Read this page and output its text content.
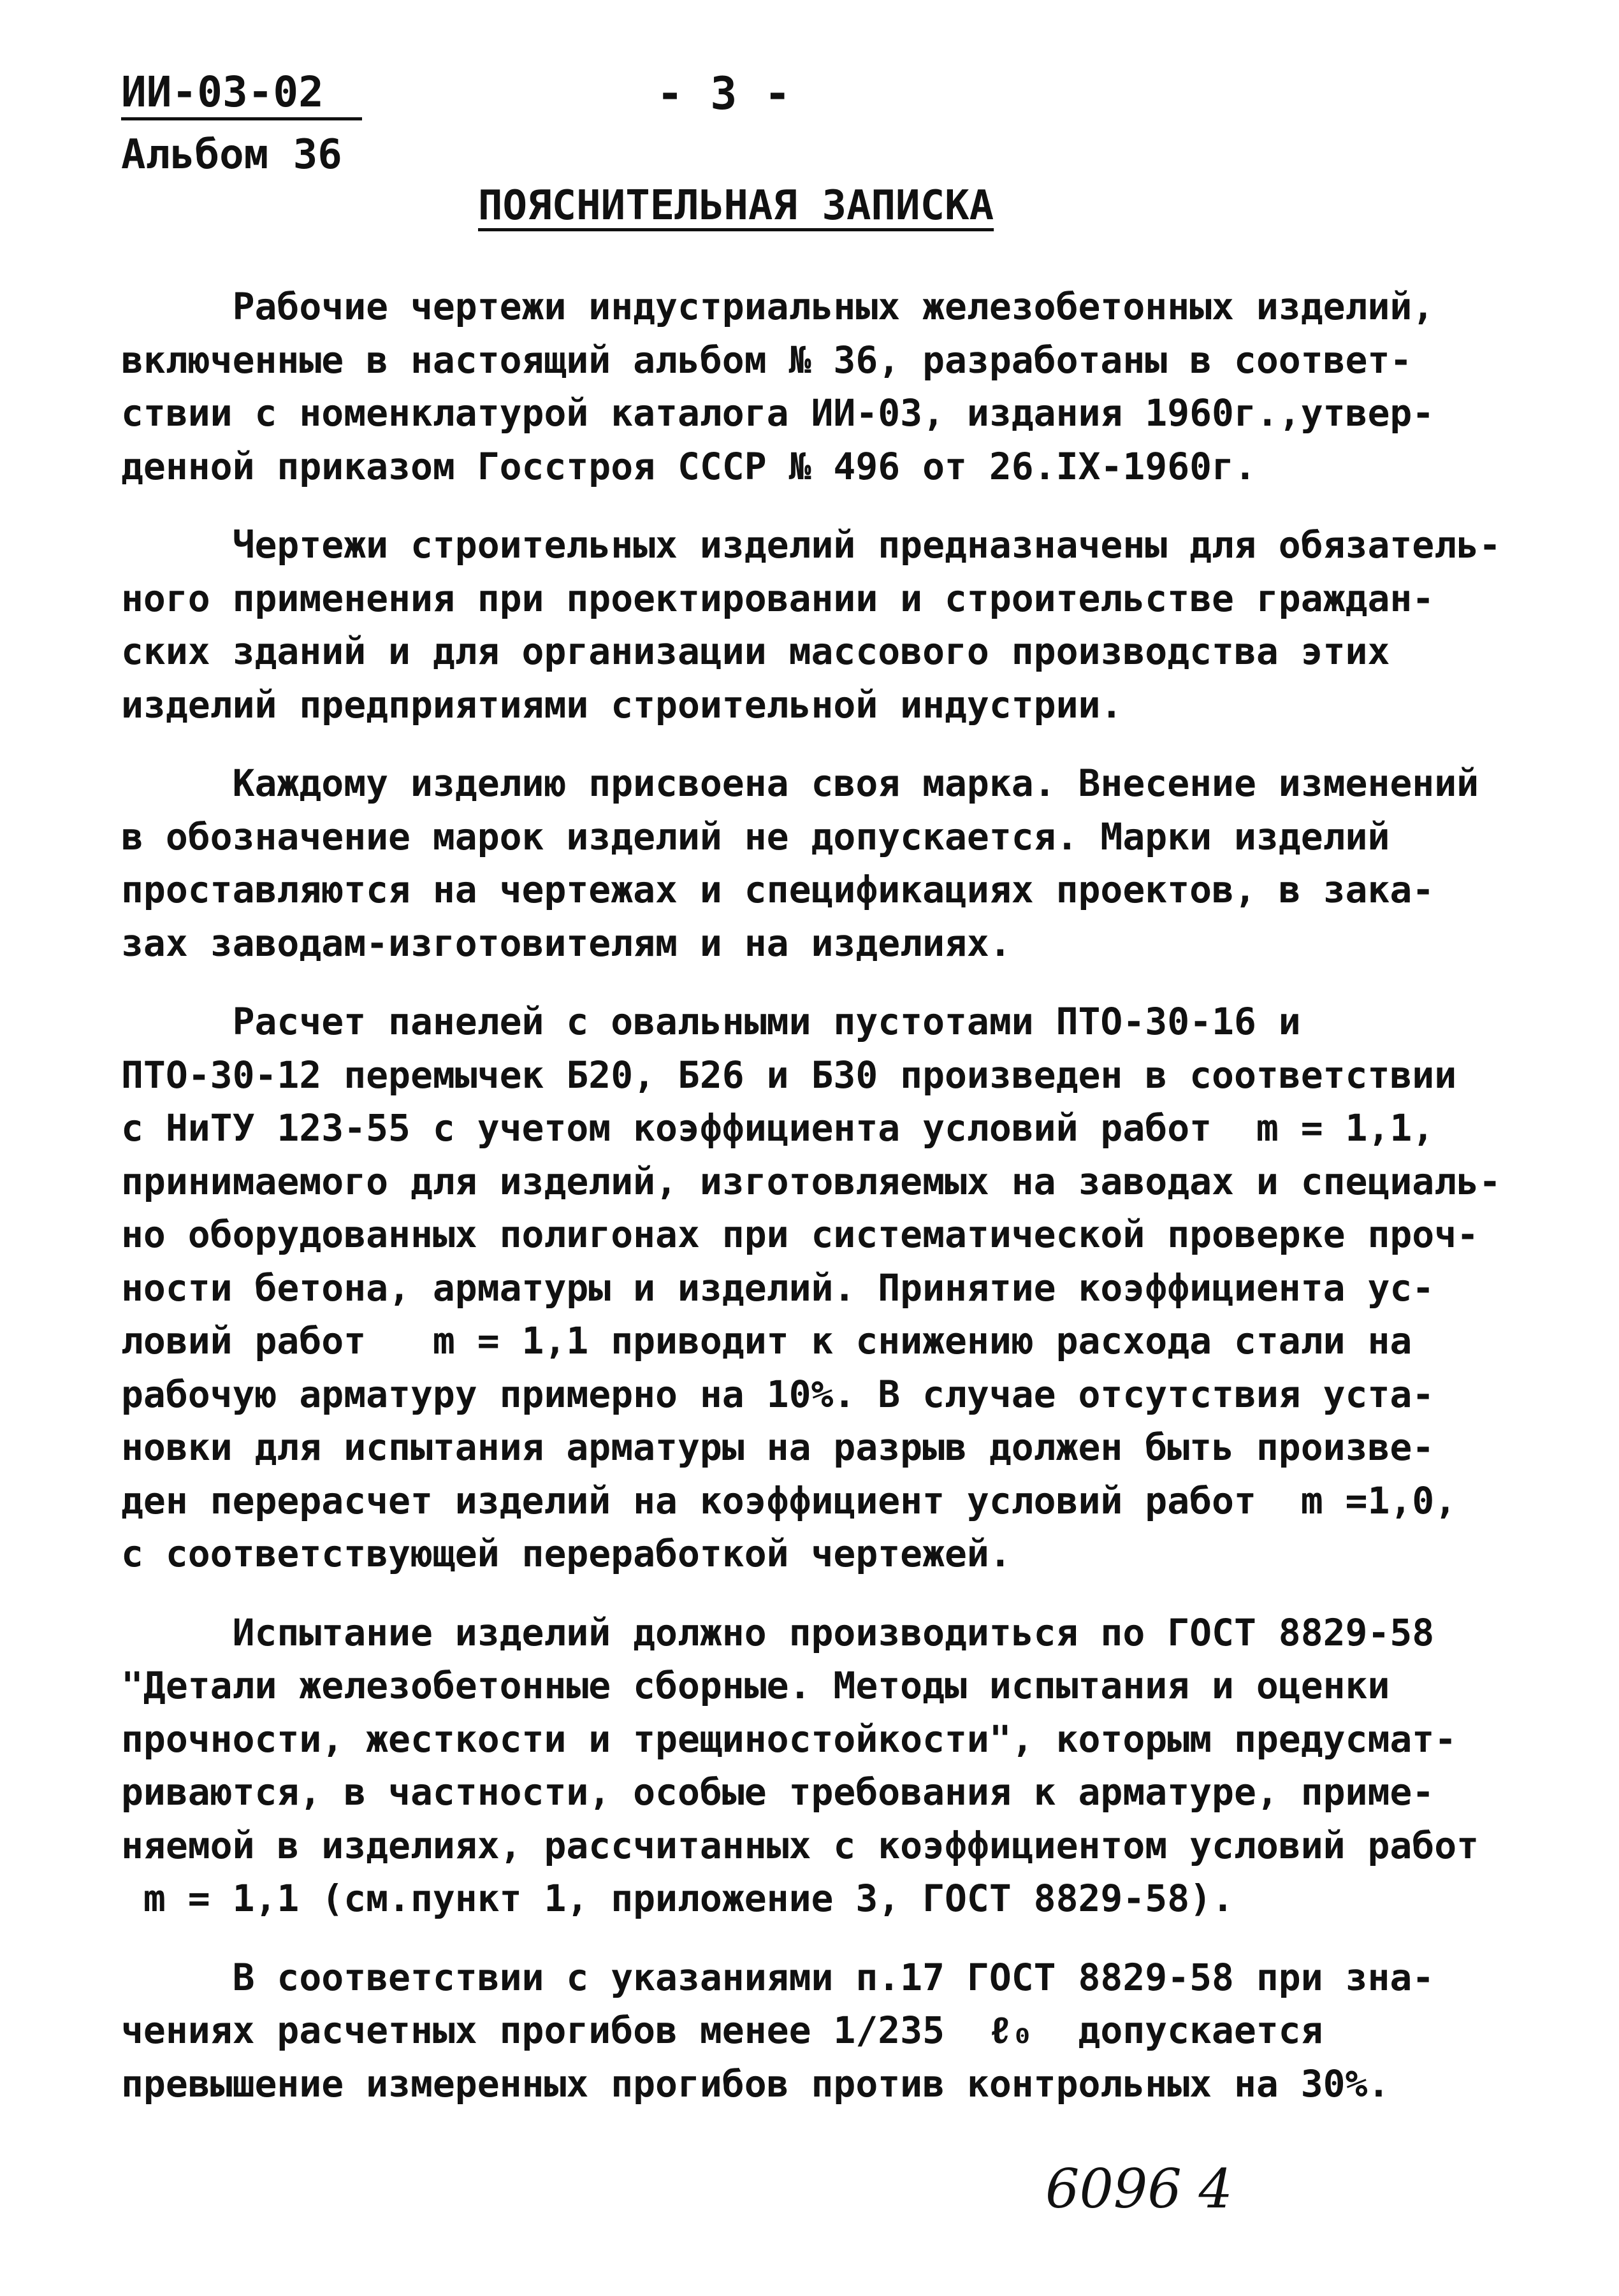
ИИ-03-02	- 3 -
Альбом 36
ПОЯСНИТЕЛЬНАЯ ЗАПИСКА
Рабочие чертежи индустриальных железобетонных изделий,
включенные в настоящий альбом № 36, разработаны в соответ-
ствии с номенклатурой каталога ИИ-03, издания 1960г.,утвер-
денной приказом Госстроя СССР № 496 от 26.IX-1960г.
Чертежи строительных изделий предназначены для обязатель-
ного применения при проектировании и строительстве граждан-
ских зданий и для организации массового производства этих
изделий предприятиями строительной индустрии.
Каждому изделию присвоена своя марка. Внесение изменений
в обозначение марок изделий не допускается. Марки изделий
проставляются на чертежах и спецификациях проектов, в зака-
зах заводам-изготовителям и на изделиях.
Расчет панелей с овальными пустотами ПТО-30-16 и
ПТО-30-12 перемычек Б20, Б26 и Б30 произведен в соответствии
с НиТУ 123-55 с учетом коэффициента условий работ  m = 1,1,
принимаемого для изделий, изготовляемых на заводах и специаль-
но оборудованных полигонах при систематической проверке проч-
ности бетона, арматуры и изделий. Принятие коэффициента ус-
ловий работ   m = 1,1 приводит к снижению расхода стали на
рабочую арматуру примерно на 10%. В случае отсутствия уста-
новки для испытания арматуры на разрыв должен быть произве-
ден перерасчет изделий на коэффициент условий работ  m =1,0,
с соответствующей переработкой чертежей.
Испытание изделий должно производиться по ГОСТ 8829-58
"Детали железобетонные сборные. Методы испытания и оценки
прочности, жесткости и трещиностойкости", которым предусмат-
риваются, в частности, особые требования к арматуре, приме-
няемой в изделиях, рассчитанных с коэффициентом условий работ
m = 1,1 (см.пункт 1, приложение 3, ГОСТ 8829-58).
В соответствии с указаниями п.17 ГОСТ 8829-58 при зна-
чениях расчетных прогибов менее 1/235  ℓ₀  допускается
превышение измеренных прогибов против контрольных на 30%.
6096 4
